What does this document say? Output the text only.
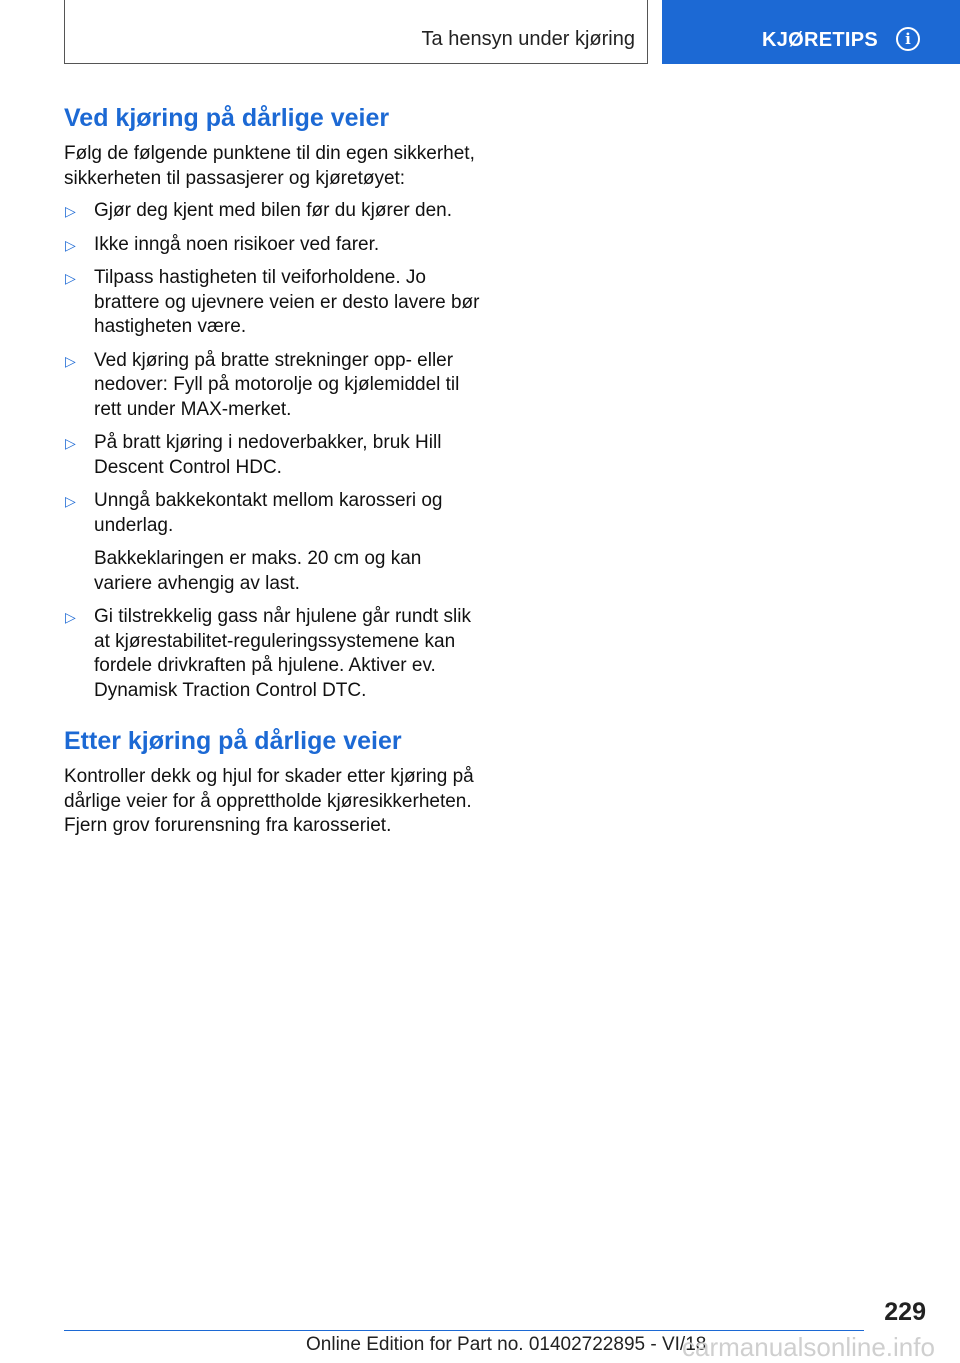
Ta hensyn under kjøring	KJØRETIPS	i
Ved kjøring på dårlige veier

Følg de følgende punktene til din egen sikkerhet, sikkerheten til passasjerer og kjøretøyet:

▷ Gjør deg kjent med bilen før du kjører den.
▷ Ikke inngå noen risikoer ved farer.
▷ Tilpass hastigheten til veiforholdene. Jo brattere og ujevnere veien er desto lavere bør hastigheten være.
▷ Ved kjøring på bratte strekninger opp- eller nedover: Fyll på motorolje og kjølemiddel til rett under MAX-merket.
▷ På bratt kjøring i nedoverbakker, bruk Hill Descent Control HDC.
▷ Unngå bakkekontakt mellom karosseri og underlag.
Bakkeklaringen er maks. 20 cm og kan variere avhengig av last.
▷ Gi tilstrekkelig gass når hjulene går rundt slik at kjørestabilitet-reguleringssystemene kan fordele drivkraften på hjulene. Aktiver ev. Dynamisk Traction Control DTC.
Etter kjøring på dårlige veier

Kontroller dekk og hjul for skader etter kjøring på dårlige veier for å opprettholde kjøresikkerheten. Fjern grov forurensning fra karosseriet.

229
Online Edition for Part no. 01402722895 - VI/18
carmanualsonline.info
